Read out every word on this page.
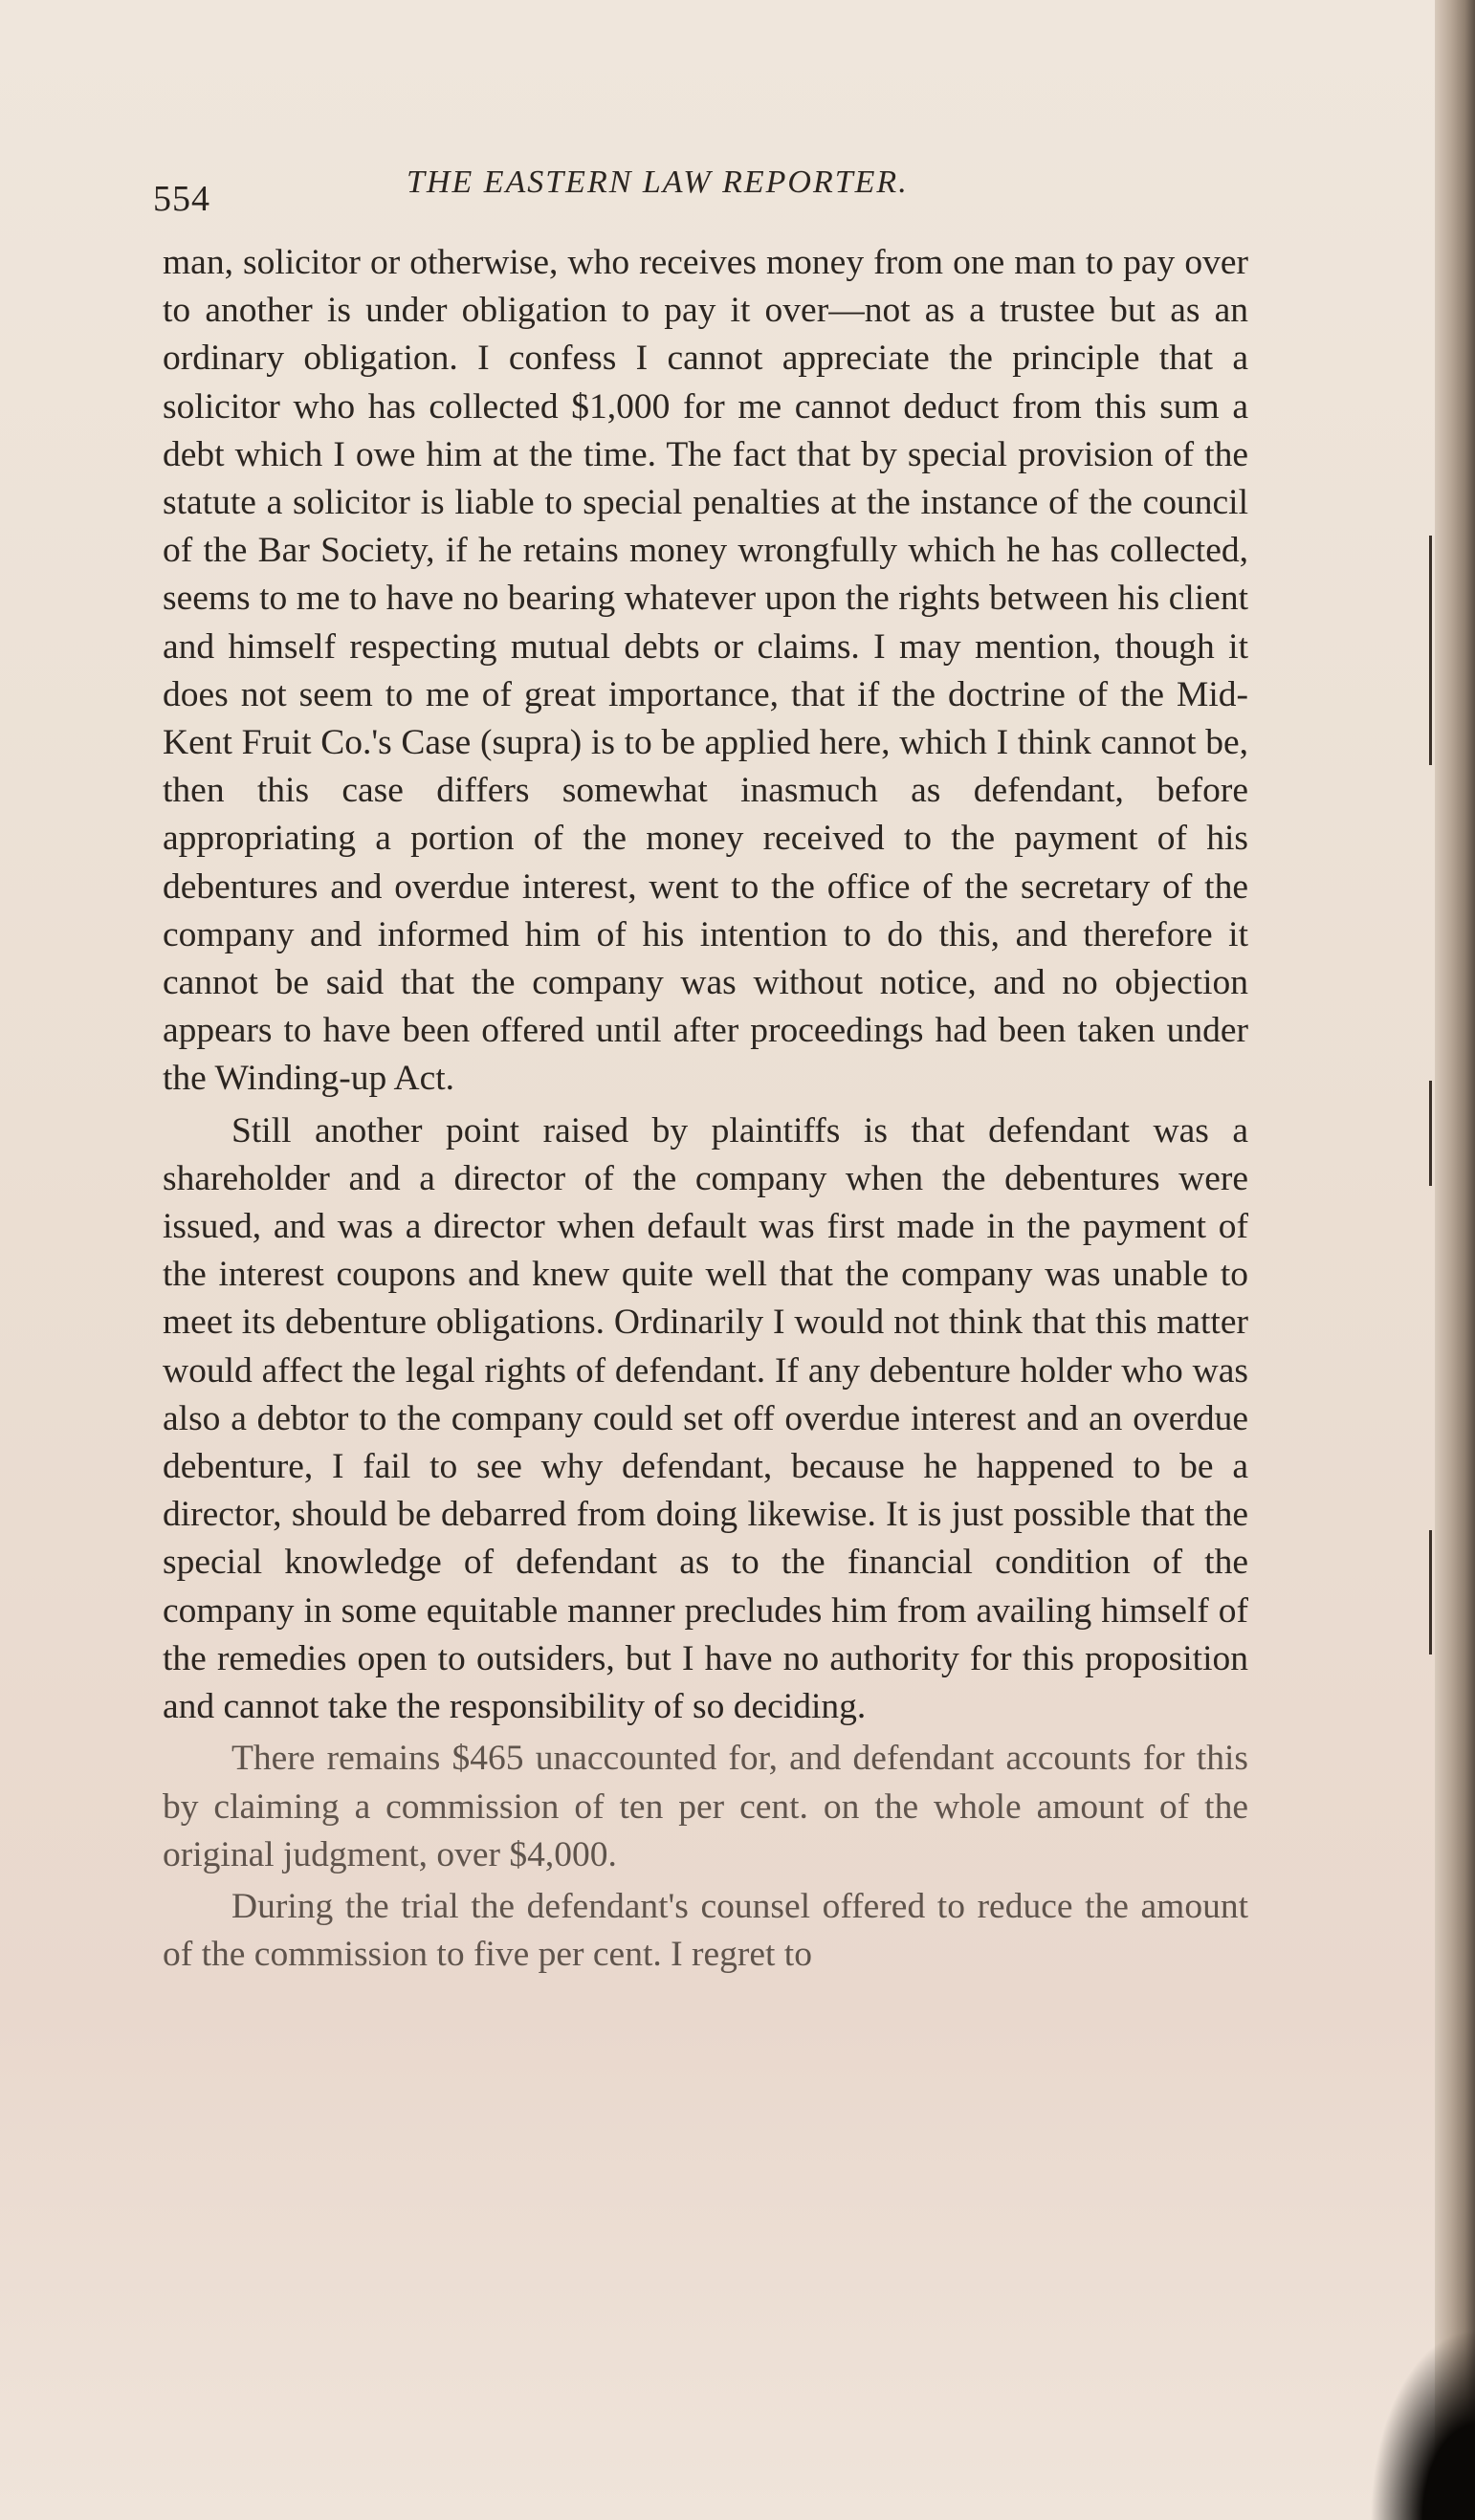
554	THE EASTERN LAW REPORTER.

man, solicitor or otherwise, who receives money from one man to pay over to another is under obligation to pay it over—not as a trustee but as an ordinary obligation. I confess I cannot appreciate the principle that a solicitor who has collected $1,000 for me cannot deduct from this sum a debt which I owe him at the time. The fact that by special provision of the statute a solicitor is liable to special penalties at the instance of the council of the Bar Society, if he retains money wrongfully which he has collected, seems to me to have no bearing whatever upon the rights between his client and himself respecting mutual debts or claims. I may mention, though it does not seem to me of great importance, that if the doctrine of the Mid-Kent Fruit Co.'s Case (supra) is to be applied here, which I think cannot be, then this case differs somewhat inasmuch as defendant, before appropriating a portion of the money received to the payment of his debentures and overdue interest, went to the office of the secretary of the company and informed him of his intention to do this, and therefore it cannot be said that the company was without notice, and no objection appears to have been offered until after proceedings had been taken under the Winding-up Act.

Still another point raised by plaintiffs is that defendant was a shareholder and a director of the company when the debentures were issued, and was a director when default was first made in the payment of the interest coupons and knew quite well that the company was unable to meet its debenture obligations. Ordinarily I would not think that this matter would affect the legal rights of defendant. If any debenture holder who was also a debtor to the company could set off overdue interest and an overdue debenture, I fail to see why defendant, because he happened to be a director, should be debarred from doing likewise. It is just possible that the special knowledge of defendant as to the financial condition of the company in some equitable manner precludes him from availing himself of the remedies open to outsiders, but I have no authority for this proposition and cannot take the responsibility of so deciding.

There remains $465 unaccounted for, and defendant accounts for this by claiming a commission of ten per cent. on the whole amount of the original judgment, over $4,000.

During the trial the defendant's counsel offered to reduce the amount of the commission to five per cent. I regret to
